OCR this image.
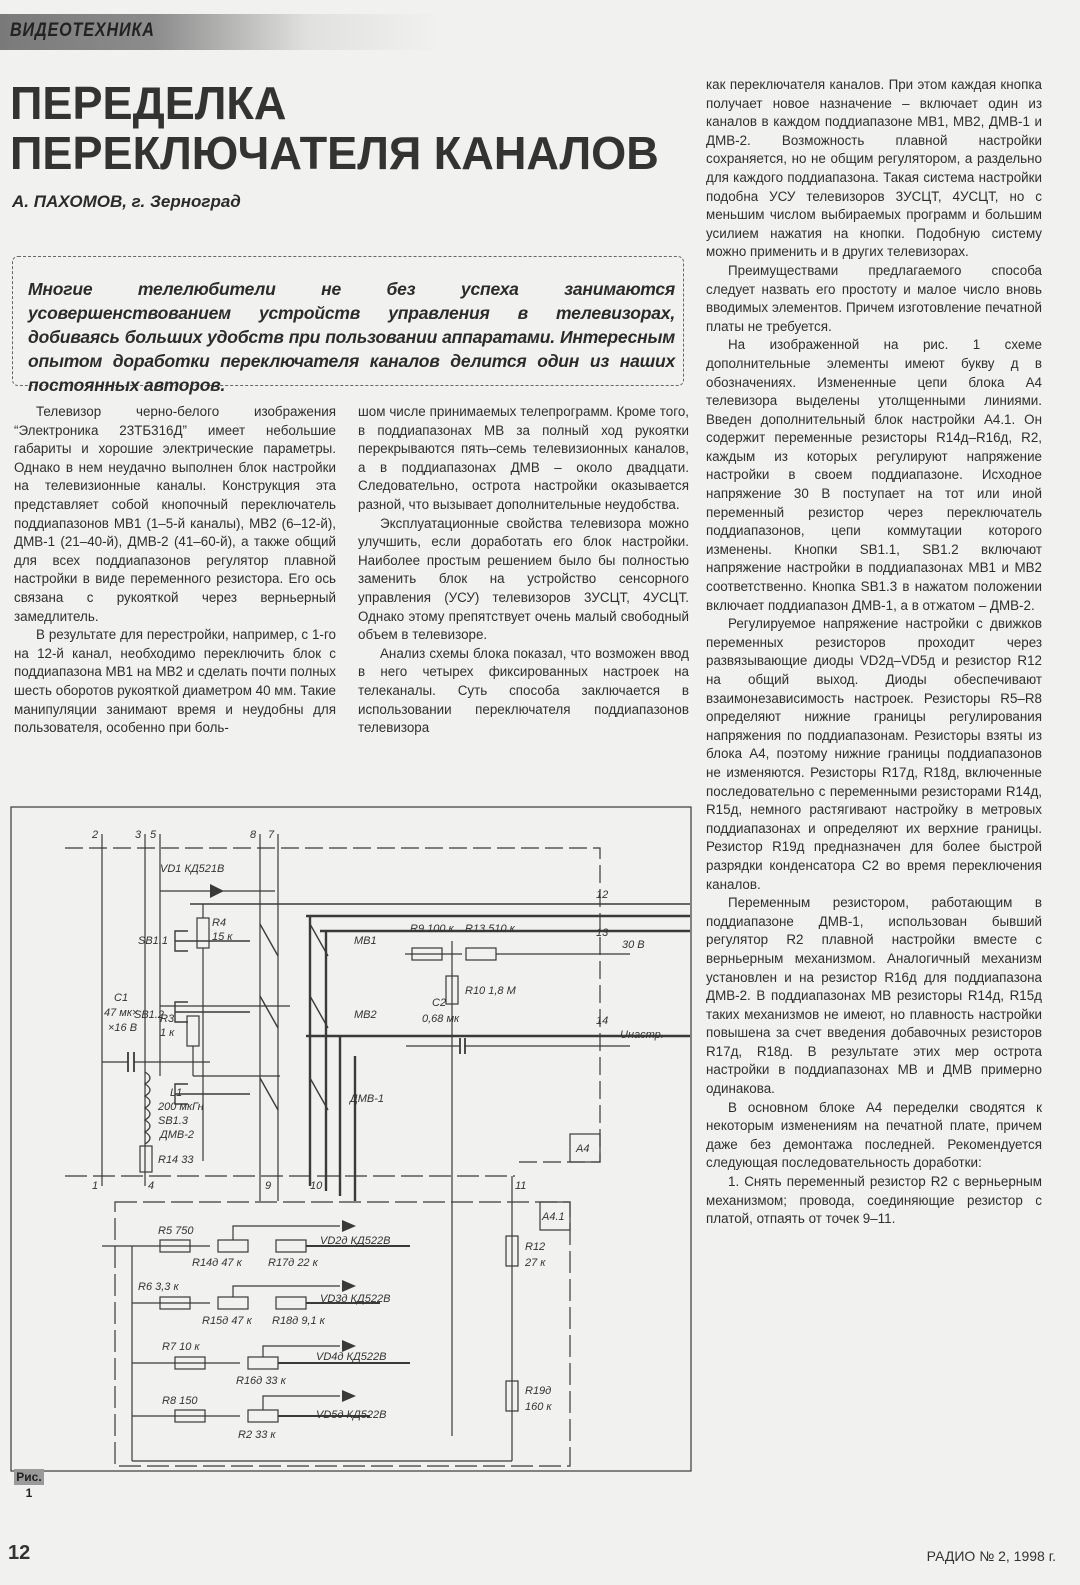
ВИДЕОТЕХНИКА
ПЕРЕДЕЛКА
ПЕРЕКЛЮЧАТЕЛЯ КАНАЛОВ
А. ПАХОМОВ, г. Зерноград

Многие телелюбители не без успеха занимаются усовершенствованием устройств управления в телевизорах, добиваясь больших удобств при пользовании аппаратами. Интересным опытом доработки переключателя каналов делится один из наших постоянных авторов.

Телевизор черно-белого изображения “Электроника 23ТБ316Д” имеет небольшие габариты и хорошие электрические параметры. Однако в нем неудачно выполнен блок настройки на телевизионные каналы. Конструкция эта представляет собой кнопочный переключатель поддиапазонов МВ1 (1–5-й каналы), МВ2 (6–12-й), ДМВ-1 (21–40-й), ДМВ-2 (41–60-й), а также общий для всех поддиапазонов регулятор плавной настройки в виде переменного резистора. Его ось связана с рукояткой через верньерный замедлитель.

В результате для перестройки, например, с 1-го на 12-й канал, необходимо переключить блок с поддиапазона МВ1 на МВ2 и сделать почти полных шесть оборотов рукояткой диаметром 40 мм. Такие манипуляции занимают время и неудобны для пользователя, особенно при боль-

шом числе принимаемых телепрограмм. Кроме того, в поддиапазонах МВ за полный ход рукоятки перекрываются пять–семь телевизионных каналов, а в поддиапазонах ДМВ – около двадцати. Следовательно, острота настройки оказывается разной, что вызывает дополнительные неудобства.

Эксплуатационные свойства телевизора можно улучшить, если доработать его блок настройки. Наиболее простым решением было бы полностью заменить блок на устройство сенсорного управления (УСУ) телевизоров 3УСЦТ, 4УСЦТ. Однако этому препятствует очень малый свободный объем в телевизоре.

Анализ схемы блока показал, что возможен ввод в него четырех фиксированных настроек на телеканалы. Суть способа заключается в использовании переключателя поддиапазонов телевизора

как переключателя каналов. При этом каждая кнопка получает новое назначение – включает один из каналов в каждом поддиапазоне МВ1, МВ2, ДМВ-1 и ДМВ-2. Возможность плавной настройки сохраняется, но не общим регулятором, а раздельно для каждого поддиапазона. Такая система настройки подобна УСУ телевизоров 3УСЦТ, 4УСЦТ, но с меньшим числом выбираемых программ и большим усилием нажатия на кнопки. Подобную систему можно применить и в других телевизорах.

Преимуществами предлагаемого способа следует назвать его простоту и малое число вновь вводимых элементов. Причем изготовление печатной платы не требуется.

На изображенной на рис. 1 схеме дополнительные элементы имеют букву д в обозначениях. Измененные цепи блока А4 телевизора выделены утолщенными линиями. Введен дополнительный блок настройки А4.1. Он содержит переменные резисторы R14д–R16д, R2, каждым из которых регулируют напряжение настройки в своем поддиапазоне. Исходное напряжение 30 В поступает на тот или иной переменный резистор через переключатель поддиапазонов, цепи коммутации которого изменены. Кнопки SB1.1, SB1.2 включают напряжение настройки в поддиапазонах МВ1 и МВ2 соответственно. Кнопка SB1.3 в нажатом положении включает поддиапазон ДМВ-1, а в отжатом – ДМВ-2.

Регулируемое напряжение настройки с движков переменных резисторов проходит через развязывающие диоды VD2д–VD5д и резистор R12 на общий выход. Диоды обеспечивают взаимонезависимость настроек. Резисторы R5–R8 определяют нижние границы регулирования напряжения по поддиапазонам. Резисторы взяты из блока А4, поэтому нижние границы поддиапазонов не изменяются. Резисторы R17д, R18д, включенные последовательно с переменными резисторами R14д, R15д, немного растягивают настройку в метровых поддиапазонах и определяют их верхние границы. Резистор R19д предназначен для более быстрой разрядки конденсатора С2 во время переключения каналов.

Переменным резистором, работающим в поддиапазоне ДМВ-1, использован бывший регулятор R2 плавной настройки вместе с верньерным механизмом. Аналогичный механизм установлен и на резистор R16д для поддиапазона ДМВ-2. В поддиапазонах МВ резисторы R14д, R15д таких механизмов не имеют, но плавность настройки повышена за счет введения добавочных резисторов R17д, R18д. В результате этих мер острота настройки в поддиапазонах МВ и ДМВ примерно одинакова.

В основном блоке А4 переделки сводятся к некоторым изменениям на печатной плате, причем даже без демонтажа последней. Рекомендуется следующая последовательность доработки:

1. Снять переменный резистор R2 с верньерным механизмом; провода, соединяющие резистор с платой, отпаять от точек 9–11.

2	3 5	8 7
12
13
14
1	4	9	10	11
VD1 КД521В
R4
15 к
C1
47 мк×
×16 В
R3
1 к
L1
200 мкГн
R14 33
SB1.1
SB1.2
SB1.3
ДМВ-2
МВ1
МВ2
ДМВ-1
R9 100 к R13 510 к
R10 1,8 М
C2
0,68 мк
30 В
Uнастр.
A4
A4.1
R5 750
R14д 47 к R17д 22 к
VD2д КД522В
R6 3,3 к
R15д 47 к R18д 9,1 к
VD3д КД522В
R7 10 к
R16д 33 к
VD4д КД522В
R8 150
R2 33 к
VD5д КД522В
R12
27 к
R19д
160 к
Рис. 1
12	РАДИО № 2, 1998 г.
